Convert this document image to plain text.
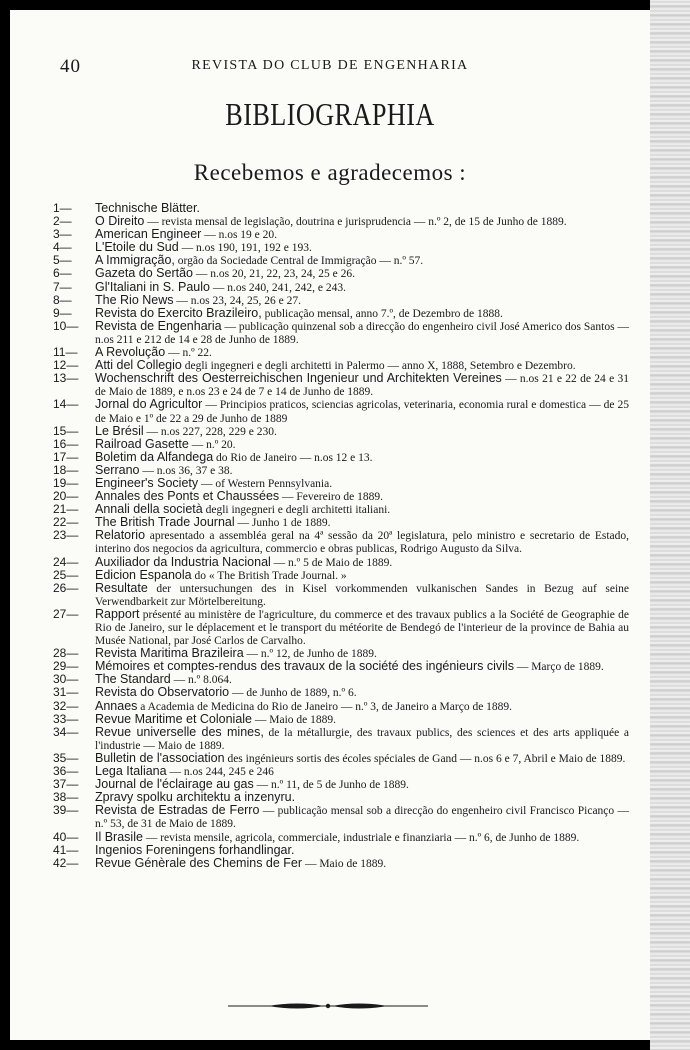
40	REVISTA DO CLUB DE ENGENHARIA
BIBLIOGRAPHIA
Recebemos e agradecemos :
1—	Technische Blätter.
2—	O Direito — revista mensal de legislação, doutrina e jurisprudencia — n.º 2, de 15 de Junho de 1889.
3—	American Engineer — n.os 19 e 20.
4—	L'Etoile du Sud — n.os 190, 191, 192 e 193.
5—	A Immigração, orgão da Sociedade Central de Immigração — n.º 57.
6—	Gazeta do Sertão — n.os 20, 21, 22, 23, 24, 25 e 26.
7—	Gl'Italiani in S. Paulo — n.os 240, 241, 242, e 243.
8—	The Rio News — n.os 23, 24, 25, 26 e 27.
9—	Revista do Exercito Brazileiro, publicação mensal, anno 7.º, de Dezembro de 1888.
10—	Revista de Engenharia — publicação quinzenal sob a direcção do engenheiro civil José Americo dos Santos — n.os 211 e 212 de 14 e 28 de Junho de 1889.
11—	A Revolução — n.º 22.
12—	Atti del Collegio degli ingegneri e degli architetti in Palermo — anno X, 1888, Setembro e Dezembro.
13—	Wochenschrift des Oesterreichischen Ingenieur und Architekten Vereines — n.os 21 e 22 de 24 e 31 de Maio de 1889, e n.os 23 e 24 de 7 e 14 de Junho de 1889.
14—	Jornal do Agricultor — Principios praticos, sciencias agricolas, veterinaria, economia rural e domestica — de 25 de Maio e 1º de 22 a 29 de Junho de 1889
15—	Le Brésil — n.os 227, 228, 229 e 230.
16—	Railroad Gasette — n.º 20.
17—	Boletim da Alfandega do Rio de Janeiro — n.os 12 e 13.
18—	Serrano — n.os 36, 37 e 38.
19—	Engineer's Society — of Western Pennsylvania.
20—	Annales des Ponts et Chaussées — Fevereiro de 1889.
21—	Annali della società degli ingegneri e degli architetti italiani.
22—	The British Trade Journal — Junho 1 de 1889.
23—	Relatorio apresentado a assembléa geral na 4ª sessão da 20ª legislatura, pelo ministro e secretario de Estado, interino dos negocios da agricultura, commercio e obras publicas, Rodrigo Augusto da Silva.
24—	Auxiliador da Industria Nacional — n.º 5 de Maio de 1889.
25—	Edicion Espanola do « The British Trade Journal. »
26—	Resultate der untersuchungen des in Kisel vorkommenden vulkanischen Sandes in Bezug auf seine Verwendbarkeit zur Mörtelbereitung.
27—	Rapport présenté au ministère de l'agriculture, du commerce et des travaux publics a la Société de Geographie de Rio de Janeiro, sur le déplacement et le transport du météorite de Bendegó de l'interieur de la province de Bahia au Musée National, par José Carlos de Carvalho.
28—	Revista Maritima Brazileira — n.º 12, de Junho de 1889.
29—	Mémoires et comptes-rendus des travaux de la société des ingénieurs civils — Março de 1889.
30—	The Standard — n.º 8.064.
31—	Revista do Observatorio — de Junho de 1889, n.º 6.
32—	Annaes a Academia de Medicina do Rio de Janeiro — n.º 3, de Janeiro a Março de 1889.
33—	Revue Maritime et Coloniale — Maio de 1889.
34—	Revue universelle des mines, de la métallurgie, des travaux publics, des sciences et des arts appliquée a l'industrie — Maio de 1889.
35—	Bulletin de l'association des ingénieurs sortis des écoles spéciales de Gand — n.os 6 e 7, Abril e Maio de 1889.
36—	Lega Italiana — n.os 244, 245 e 246
37—	Journal de l'éclairage au gas — n.º 11, de 5 de Junho de 1889.
38—	Zpravy spolku architektu a inzenyru.
39—	Revista de Estradas de Ferro — publicação mensal sob a direcção do engenheiro civil Francisco Picanço — n.º 53, de 31 de Maio de 1889.
40—	Il Brasile — revista mensile, agricola, commerciale, industriale e finanziaria — n.º 6, de Junho de 1889.
41—	Ingenios Foreningens forhandlingar.
42—	Revue Génèrale des Chemins de Fer — Maio de 1889.
